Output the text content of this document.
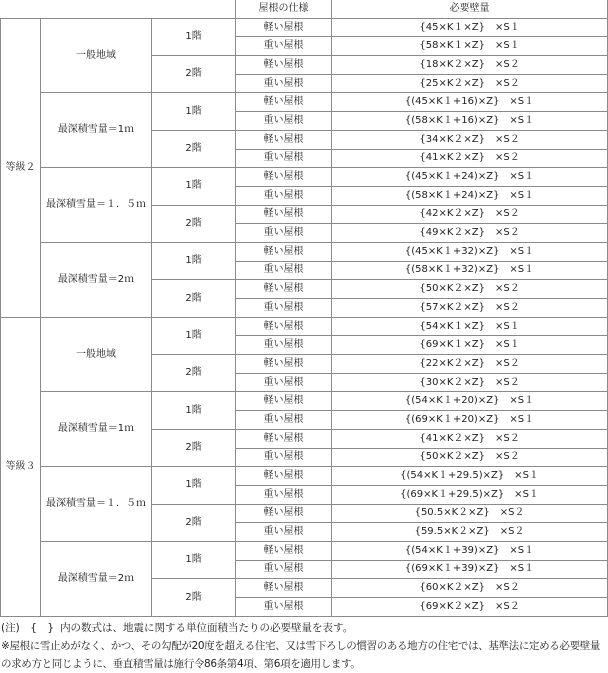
			屋根の仕様	必要壁量
等級２	一般地域	1階	軽い屋根	{45×K１×Z}　×S１
			重い屋根	{58×K１×Z}　×S１
		2階	軽い屋根	{18×K２×Z}　×S２
			重い屋根	{25×K２×Z}　×S２
	最深積雪量＝1ｍ	1階	軽い屋根	{(45×K１+16)×Z}　×S１
			重い屋根	{(58×K１+16)×Z}　×S１
		2階	軽い屋根	{34×K２×Z}　×S２
			重い屋根	{41×K２×Z}　×S２
	最深積雪量＝１．５ｍ	1階	軽い屋根	{(45×K１+24)×Z}　×S１
			重い屋根	{(58×K１+24)×Z}　×S１
		2階	軽い屋根	{42×K２×Z}　×S２
			重い屋根	{49×K２×Z}　×S２
	最深積雪量＝2ｍ	1階	軽い屋根	{(45×K１+32)×Z}　×S１
			重い屋根	{(58×K１+32)×Z}　×S１
		2階	軽い屋根	{50×K２×Z}　×S２
			重い屋根	{57×K２×Z}　×S２
等級３	一般地域	1階	軽い屋根	{54×K１×Z}　×S１
			重い屋根	{69×K１×Z}　×S１
		2階	軽い屋根	{22×K２×Z}　×S２
			重い屋根	{30×K２×Z}　×S２
	最深積雪量＝1ｍ	1階	軽い屋根	{(54×K１+20)×Z}　×S１
			重い屋根	{(69×K１+20)×Z}　×S１
		2階	軽い屋根	{41×K２×Z}　×S２
			重い屋根	{50×K２×Z}　×S２
	最深積雪量＝１．５ｍ	1階	軽い屋根	{(54×K１+29.5)×Z}　×S１
			重い屋根	{(69×K１+29.5)×Z}　×S１
		2階	軽い屋根	{50.5×K２×Z}　×S２
			重い屋根	{59.5×K２×Z}　×S２
	最深積雪量＝2ｍ	1階	軽い屋根	{(54×K１+39)×Z}　×S１
			重い屋根	{(69×K１+39)×Z}　×S１
		2階	軽い屋根	{60×K２×Z}　×S２
			重い屋根	{69×K２×Z}　×S２

(注)　{　} 内の数式は、地震に関する単位面積当たりの必要壁量を表す。

※屋根に雪止めがなく、かつ、その勾配が20度を超える住宅、又は雪下ろしの慣習のある地方の住宅では、基準法に定める必要壁量の求め方と同じように、垂直積雪量は施行令86条第4項、第6項を適用します。
